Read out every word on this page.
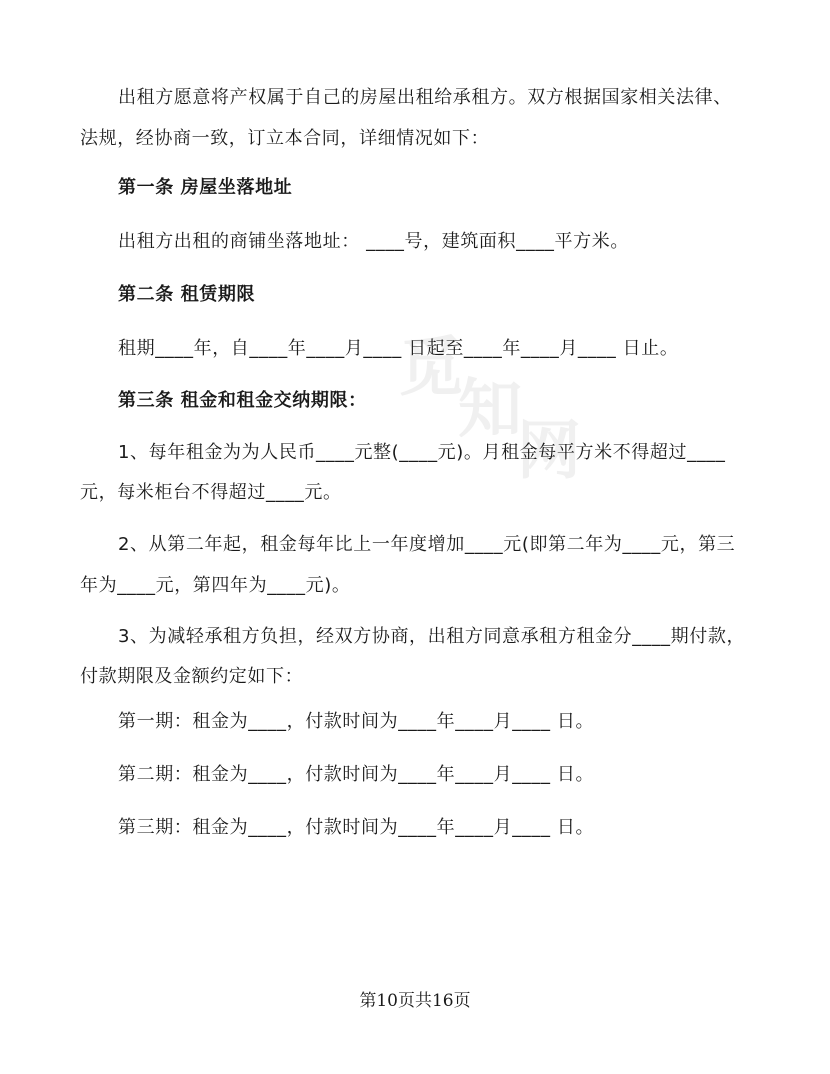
觅
知
网
出租方愿意将产权属于自己的房屋出租给承租方。双方根据国家相关法律、
法规，经协商一致，订立本合同，详细情况如下：
第一条 房屋坐落地址
出租方出租的商铺坐落地址： ____号，建筑面积____平方米。
第二条 租赁期限
租期____年，自____年____月____ 日起至____年____月____ 日止。
第三条 租金和租金交纳期限：
1、每年租金为为人民币____元整(____元)。月租金每平方米不得超过____
元，每米柜台不得超过____元。
2、从第二年起，租金每年比上一年度增加____元(即第二年为____元，第三
年为____元，第四年为____元)。
3、为减轻承租方负担，经双方协商，出租方同意承租方租金分____期付款，
付款期限及金额约定如下：
第一期：租金为____，付款时间为____年____月____ 日。
第二期：租金为____，付款时间为____年____月____ 日。
第三期：租金为____，付款时间为____年____月____ 日。
第10页共16页
